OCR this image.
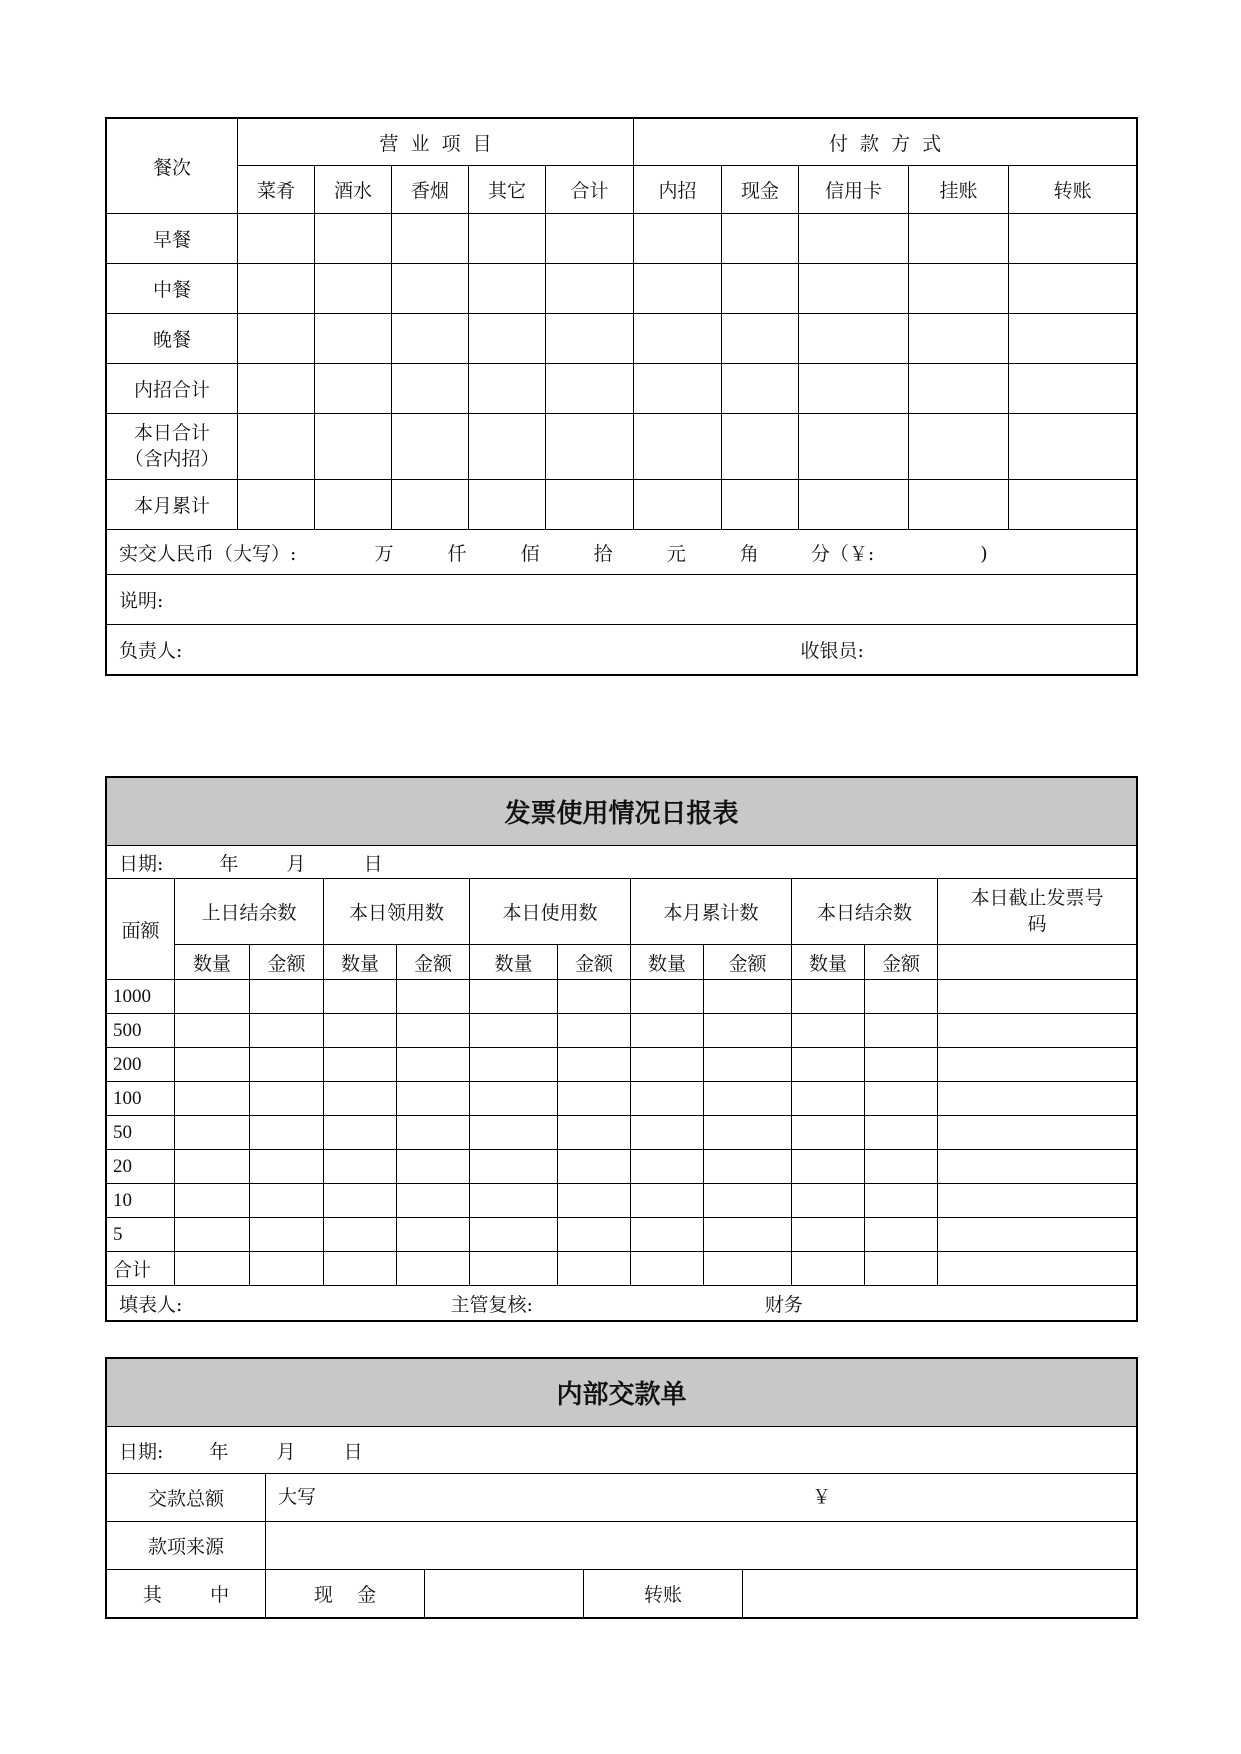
餐次	营  业  项  目					付  款  方  式				
	菜肴	酒水	香烟	其它	合计	内招	现金	信用卡	挂账	转账
早餐										
中餐										
晚餐										
内招合计										
本日合计
（含内招）										
本月累计										
实交人民币（大写）: 万 仟 佰 拾 元 角 分（￥: )										
说明:										
负责人: 收银员:										
发票使用情况日报表											
日期: 年 月 日											
面额	上日结余数		本日领用数		本日使用数		本月累计数		本日结余数		本日截止发票号
码
	数量	金额	数量	金额	数量	金额	数量	金额	数量	金额	
1000											
500											
200											
100											
50											
20											
10											
5											
合计											
填表人: 主管复核: 财务											
内部交款单				
日期: 年 月 日				
交款总额	大写 ￥			
款项来源				
其        中	现    金		转账	
